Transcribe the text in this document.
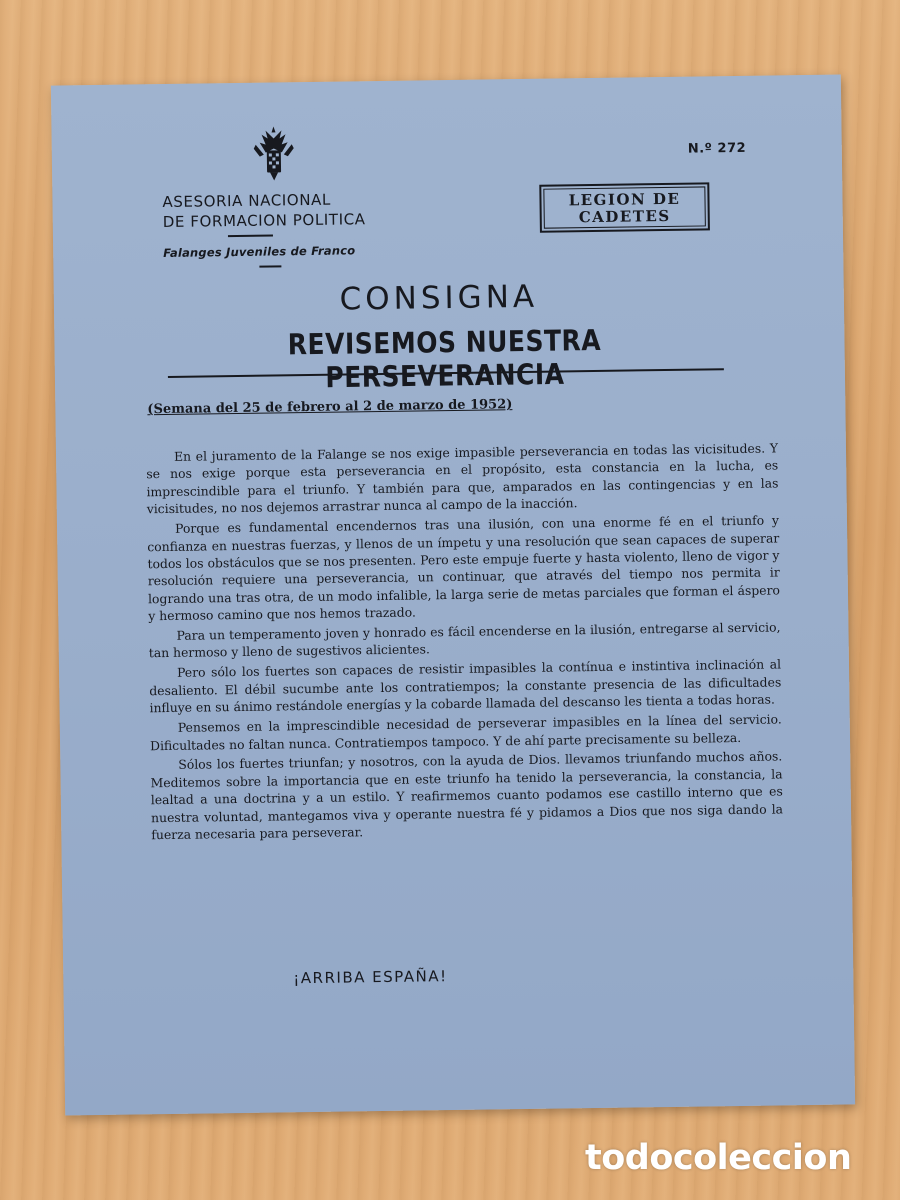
N.º 272
ASESORIA NACIONAL
DE FORMACION POLITICA
Falanges Juveniles de Franco
LEGION DE
CADETES
CONSIGNA
REVISEMOS NUESTRA PERSEVERANCIA
(Semana del 25 de febrero al 2 de marzo de 1952)

En el juramento de la Falange se nos exige impasible perseverancia en todas las vicisitudes. Y se nos exige porque esta perseverancia en el propósito, esta constancia en la lucha, es imprescindible para el triunfo. Y también para que, amparados en las contingencias y en las vicisitudes, no nos dejemos arrastrar nunca al campo de la inacción.

Porque es fundamental encendernos tras una ilusión, con una enorme fé en el triunfo y confianza en nuestras fuerzas, y llenos de un ímpetu y una resolución que sean capaces de superar todos los obstáculos que se nos presenten. Pero este empuje fuerte y hasta violento, lleno de vigor y resolución requiere una perseverancia, un continuar, que através del tiempo nos permita ir logrando una tras otra, de un modo infalible, la larga serie de metas parciales que forman el áspero y hermoso camino que nos hemos trazado.

Para un temperamento joven y honrado es fácil encenderse en la ilusión, entregarse al servicio, tan hermoso y lleno de sugestivos alicientes.

Pero sólo los fuertes son capaces de resistir impasibles la contínua e instintiva inclinación al desaliento. El débil sucumbe ante los contratiempos; la constante presencia de las dificultades influye en su ánimo restándole energías y la cobarde llamada del descanso les tienta a todas horas.

Pensemos en la imprescindible necesidad de perseverar impasibles en la línea del servicio. Dificultades no faltan nunca. Contratiempos tampoco. Y de ahí parte precisamente su belleza.

Sólos los fuertes triunfan; y nosotros, con la ayuda de Dios. llevamos triunfando muchos años. Meditemos sobre la importancia que en este triunfo ha tenido la perseverancia, la constancia, la lealtad a una doctrina y a un estilo. Y reafirmemos cuanto podamos ese castillo interno que es nuestra voluntad, mantegamos viva y operante nuestra fé y pidamos a Dios que nos siga dando la fuerza necesaria para perseverar.

¡ARRIBA ESPAÑA!
todocoleccion
